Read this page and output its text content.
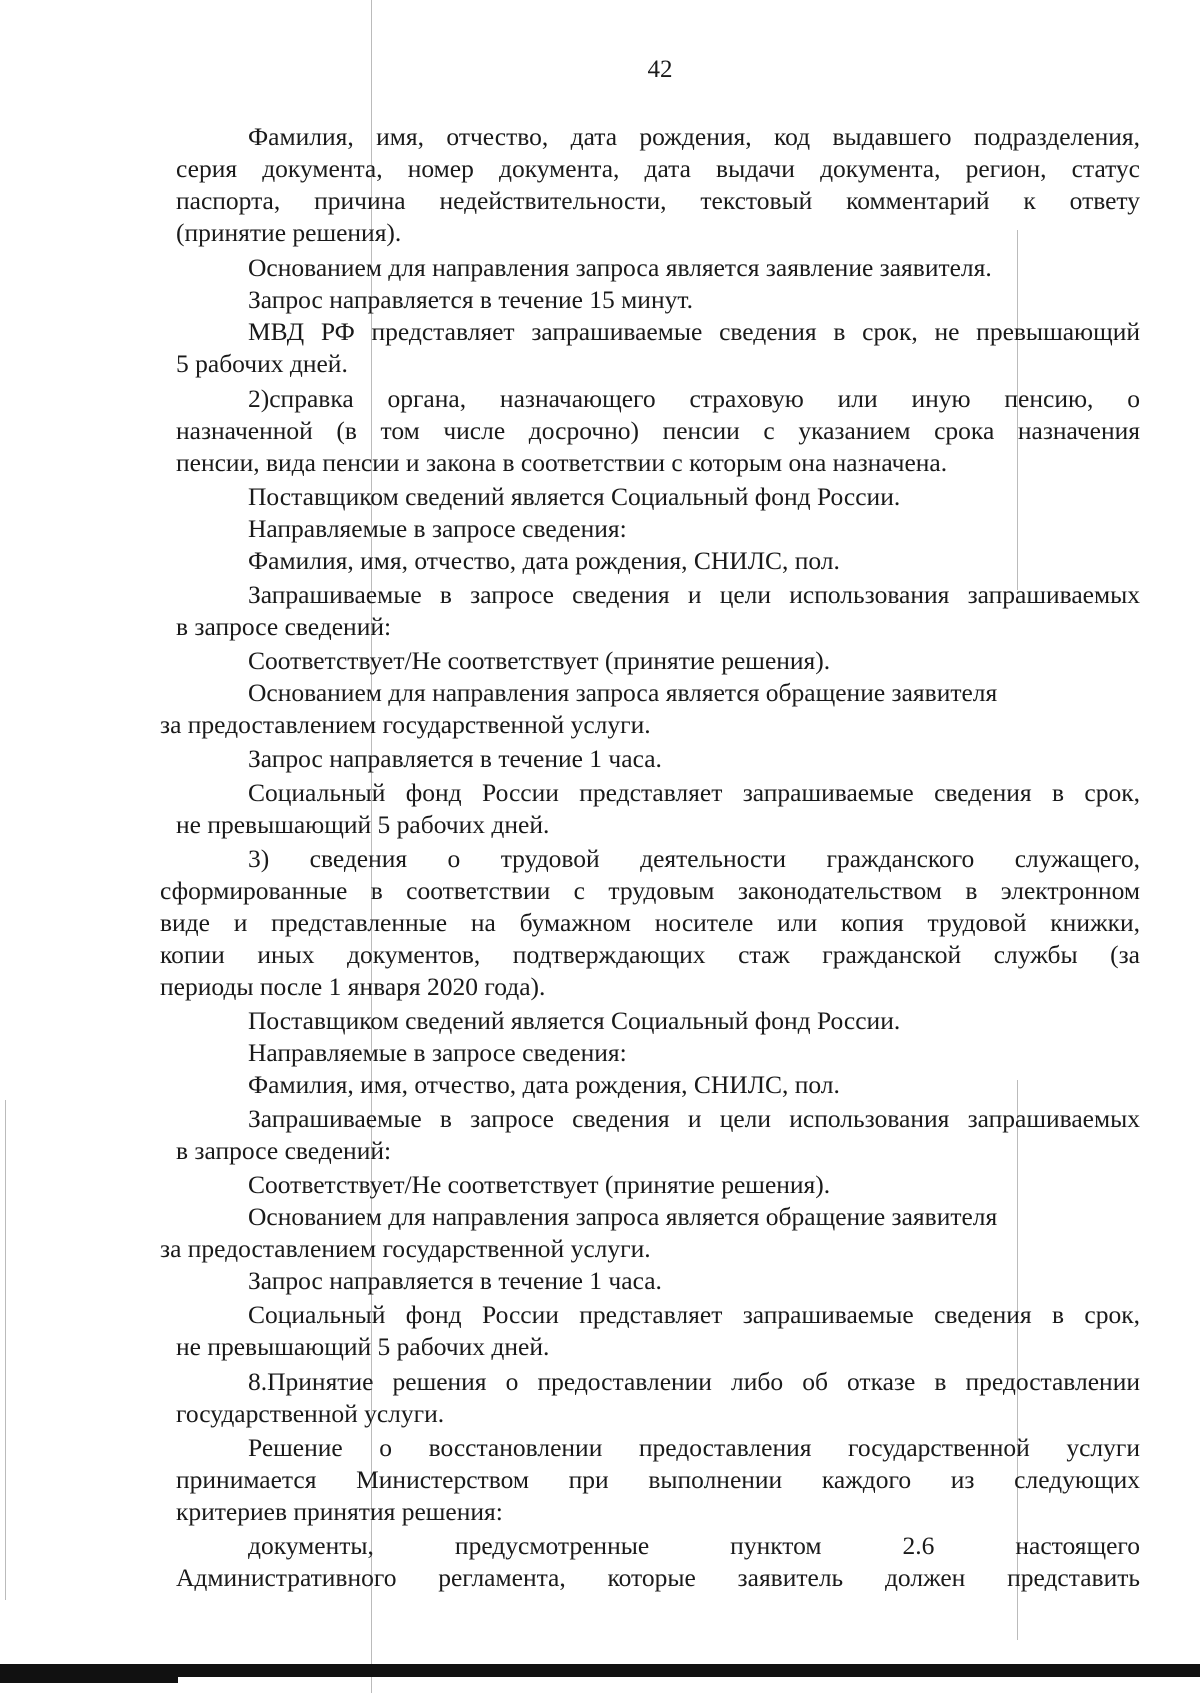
42
Фамилия, имя, отчество, дата рождения, код выдавшего подразделения,
серия документа, номер документа, дата выдачи документа, регион, статус
паспорта, причина недействительности, текстовый комментарий к ответу
(принятие решения).
Основанием для направления запроса является заявление заявителя.
Запрос направляется в течение 15 минут.
МВД РФ представляет запрашиваемые сведения в срок, не превышающий
5 рабочих дней.
2)справка органа, назначающего страховую или иную пенсию, о
назначенной (в том числе досрочно) пенсии с указанием срока назначения
пенсии, вида пенсии и закона в соответствии с которым она назначена.
Поставщиком сведений является Социальный фонд России.
Направляемые в запросе сведения:
Фамилия, имя, отчество, дата рождения, СНИЛС, пол.
Запрашиваемые в запросе сведения и цели использования запрашиваемых
в запросе сведений:
Соответствует/Не соответствует (принятие решения).
Основанием для направления запроса является обращение заявителя
за предоставлением государственной услуги.
Запрос направляется в течение 1 часа.
Социальный фонд России представляет запрашиваемые сведения в срок,
не превышающий 5 рабочих дней.
3) сведения о трудовой деятельности гражданского служащего,
сформированные в соответствии с трудовым законодательством в электронном
виде и представленные на бумажном носителе или копия трудовой книжки,
копии иных документов, подтверждающих стаж гражданской службы (за
периоды после 1 января 2020 года).
Поставщиком сведений является Социальный фонд России.
Направляемые в запросе сведения:
Фамилия, имя, отчество, дата рождения, СНИЛС, пол.
Запрашиваемые в запросе сведения и цели использования запрашиваемых
в запросе сведений:
Соответствует/Не соответствует (принятие решения).
Основанием для направления запроса является обращение заявителя
за предоставлением государственной услуги.
Запрос направляется в течение 1 часа.
Социальный фонд России представляет запрашиваемые сведения в срок,
не превышающий 5 рабочих дней.
8.Принятие решения о предоставлении либо об отказе в предоставлении
государственной услуги.
Решение о восстановлении предоставления государственной услуги
принимается Министерством при выполнении каждого из следующих
критериев принятия решения:
документы, предусмотренные пунктом 2.6 настоящего
Административного регламента, которые заявитель должен представить
